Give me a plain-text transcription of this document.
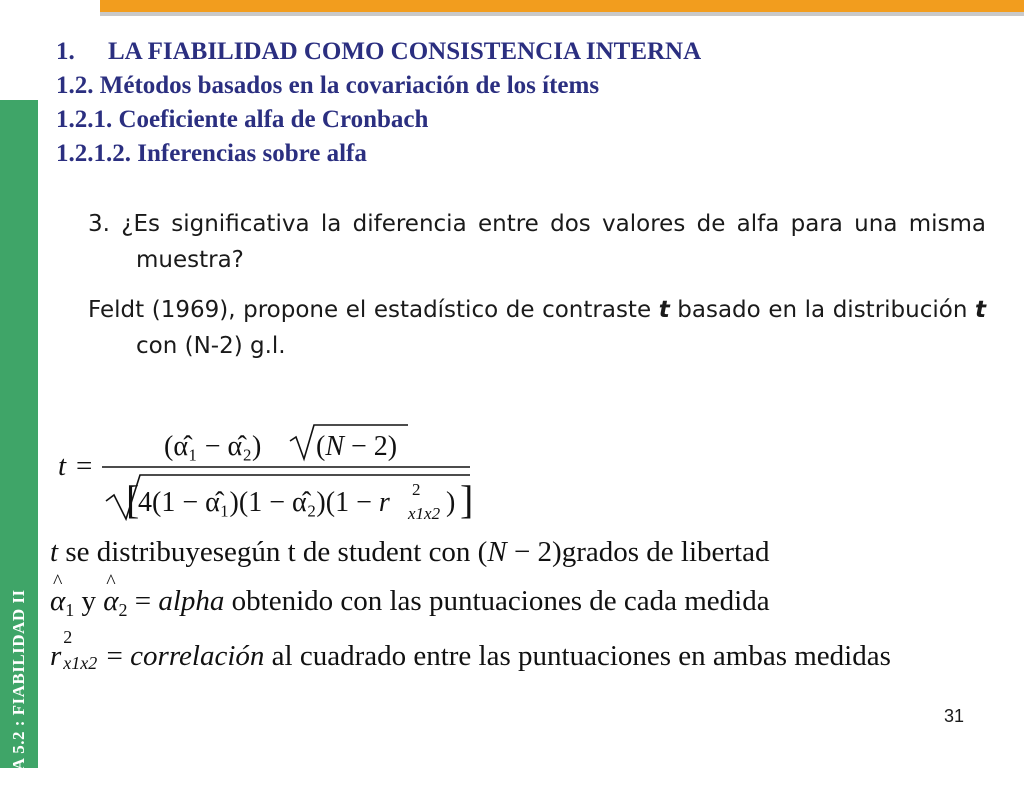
TEMA 5.2 : FIABILIDAD II
1. LA FIABILIDAD COMO CONSISTENCIA INTERNA
1.2. Métodos basados en la covariación de los ítems
1.2.1. Coeficiente alfa de Cronbach
1.2.1.2. Inferencias sobre alfa
3. ¿Es significativa la diferencia entre dos valores de alfa para una misma muestra?
Feldt (1969), propone el estadístico de contraste t basado en la distribución t con (N-2) g.l.
t =
(α̂₁ − α̂₂) (N − 2)
[
4(1 − α̂₁)(1 − α̂₂)(1 − r 2
x1x2 ) ]
t se distribuyesegún t de student con (N − 2)grados de libertad
^ $\alpha_1$ y ^ $\alpha_2$ = alpha obtenido con las puntuaciones de cada medida
r
2
x1x2 = correlación al cuadrado entre las puntuaciones en ambas medidas
31
